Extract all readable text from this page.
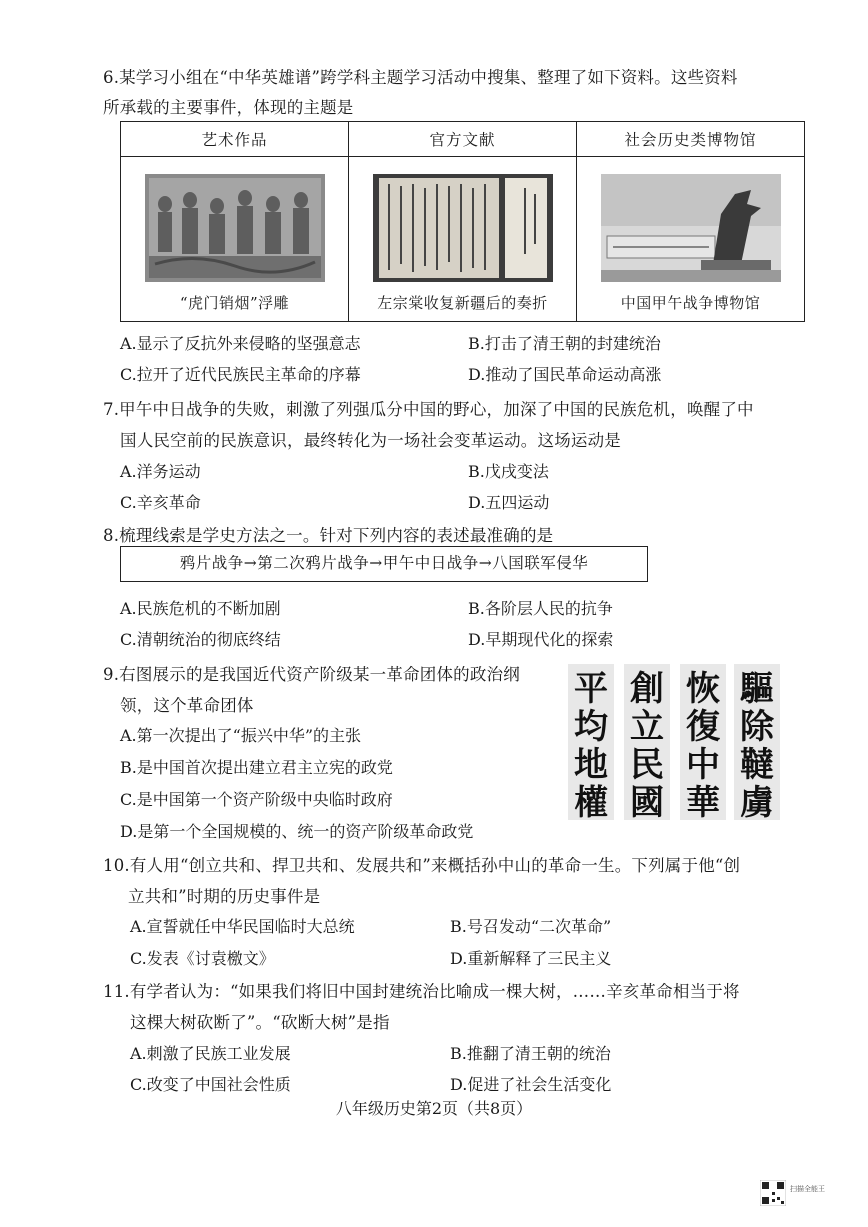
6.某学习小组在“中华英雄谱”跨学科主题学习活动中搜集、整理了如下资料。这些资料
所承载的主要事件，体现的主题是
艺术作品	官方文献	社会历史类博物馆

“虎门销烟”浮雕	左宗棠收复新疆后的奏折	中国甲午战争博物馆
A.显示了反抗外来侵略的坚强意志	B.打击了清王朝的封建统治
C.拉开了近代民族民主革命的序幕	D.推动了国民革命运动高涨
7.甲午中日战争的失败，刺激了列强瓜分中国的野心，加深了中国的民族危机，唤醒了中
国人民空前的民族意识，最终转化为一场社会变革运动。这场运动是
A.洋务运动	B.戊戌变法
C.辛亥革命	D.五四运动
8.梳理线索是学史方法之一。针对下列内容的表述最准确的是
鸦片战争→第二次鸦片战争→甲午中日战争→八国联军侵华
A.民族危机的不断加剧	B.各阶层人民的抗争
C.清朝统治的彻底终结	D.早期现代化的探索
9.右图展示的是我国近代资产阶级某一革命团体的政治纲
领，这个革命团体
A.第一次提出了“振兴中华”的主张
B.是中国首次提出建立君主立宪的政党
C.是中国第一个资产阶级中央临时政府
D.是第一个全国规模的、统一的资产阶级革命政党
平
均
地
權
創
立
民
國
恢
復
中
華
驅
除
韃
虜
10.有人用“创立共和、捍卫共和、发展共和”来概括孙中山的革命一生。下列属于他“创
立共和”时期的历史事件是
A.宣誓就任中华民国临时大总统	B.号召发动“二次革命”
C.发表《讨袁檄文》	D.重新解释了三民主义
11.有学者认为：“如果我们将旧中国封建统治比喻成一棵大树，……辛亥革命相当于将
这棵大树砍断了”。“砍断大树”是指
A.刺激了民族工业发展	B.推翻了清王朝的统治
C.改变了中国社会性质	D.促进了社会生活变化
八年级历史第2页（共8页）
扫描全能王
